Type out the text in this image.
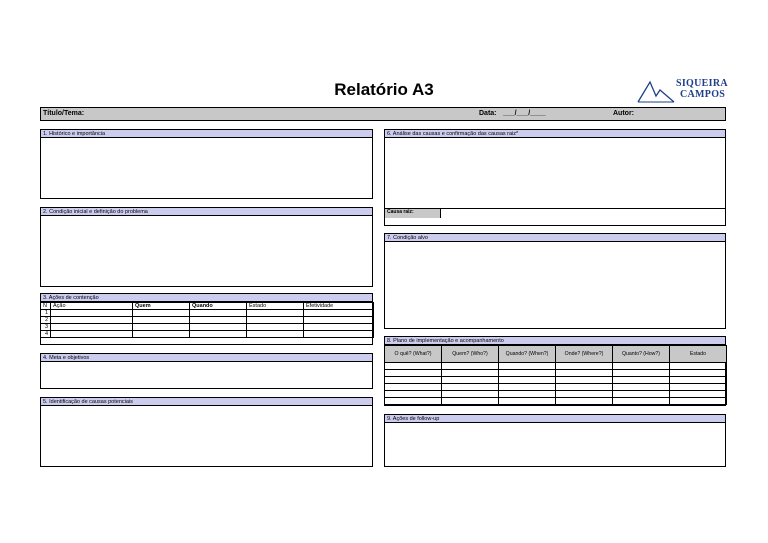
Relatório A3	SIQUEIRA
CAMPOS
Título/Tema:	Data: ___/___/____	Autor:
1. Histórico e importância
2. Condição inicial e definição do problema
3. Ações de contenção
N	Ação	Quem	Quando	Estado	Efetividade
1					
2					
3					
4					
4. Meta e objetivos
5. Identificação de causas potenciais
6. Análise das causas e confirmação das causas raiz*
Causa raiz:
7. Condição alvo
8. Plano de implementação e acompanhamento
O quê? (What?)	Quem? (Who?)	Quando? (When?)	Onde? (Where?)	Quanto? (How?)	Estado

9. Ações de follow-up
